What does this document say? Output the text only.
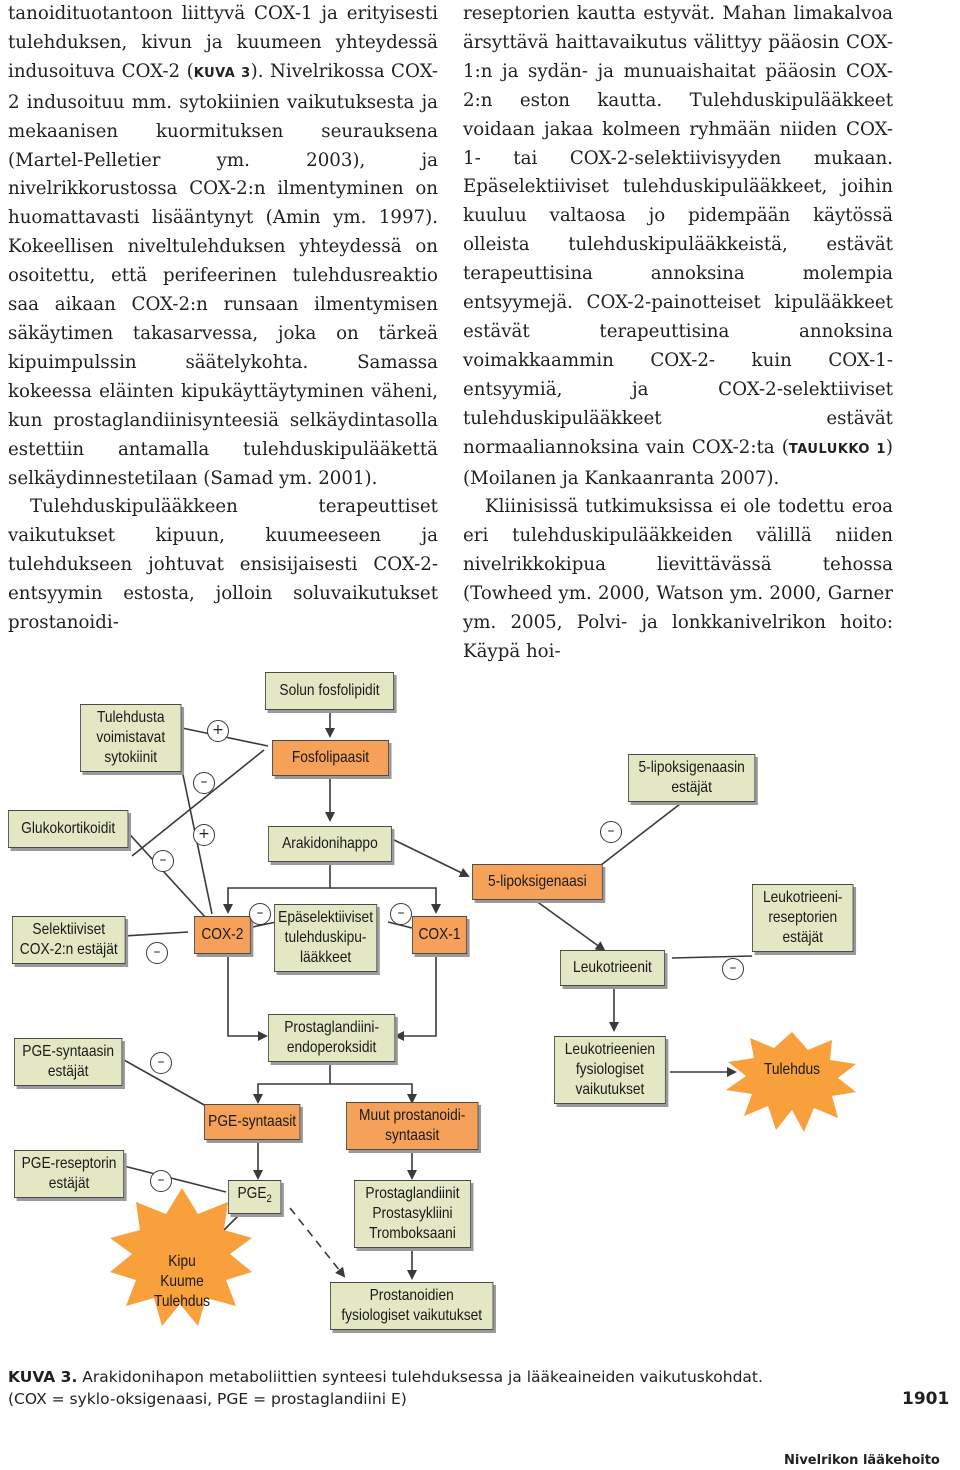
tanoidituotantoon liittyvä COX-1 ja erityisesti tulehduksen, kivun ja kuumeen yhteydessä indusoituva COX-2 (KUVA 3). Nivelrikossa COX-2 indusoituu mm. sytokiinien vaikutuksesta ja mekaanisen kuormituksen seurauksena (Martel-Pelletier ym. 2003), ja nivelrikkorustossa COX-2:n ilmentyminen on huomattavasti lisääntynyt (Amin ym. 1997). Kokeellisen niveltulehduksen yhteydessä on osoitettu, että perifeerinen tulehdusreaktio saa aikaan COX-2:n runsaan ilmentymisen säkäytimen takasarvessa, joka on tärkeä kipuimpulssin säätelykohta. Samassa kokeessa eläinten kipukäyttäytyminen väheni, kun prostaglandiinisynteesiä selkäydintasolla estettiin antamalla tulehduskipulääkettä selkäydinnestetilaan (Samad ym. 2001).

Tulehduskipulääkkeen terapeuttiset vaikutukset kipuun, kuumeeseen ja tulehdukseen johtuvat ensisijaisesti COX-2-entsyymin estosta, jolloin soluvaikutukset prostanoidi-

reseptorien kautta estyvät. Mahan limakalvoa ärsyttävä haittavaikutus välittyy pääosin COX-1:n ja sydän- ja munuaishaitat pääosin COX-2:n eston kautta. Tulehduskipulääkkeet voidaan jakaa kolmeen ryhmään niiden COX-1- tai COX-2-selektiivisyyden mukaan. Epäselektiiviset tulehduskipulääkkeet, joihin kuuluu valtaosa jo pidempään käytössä olleista tulehduskipulääkkeistä, estävät terapeuttisina annoksina molempia entsyymejä. COX-2-painotteiset kipulääkkeet estävät terapeuttisina annoksina voimakkaammin COX-2- kuin COX-1-entsyymiä, ja COX-2-selektiiviset tulehduskipulääkkeet estävät normaaliannoksina vain COX-2:ta (TAULUKKO 1) (Moilanen ja Kankaanranta 2007).

Kliinisissä tutkimuksissa ei ole todettu eroa eri tulehduskipulääkkeiden välillä niiden nivelrikkokipua lievittävässä tehossa (Towheed ym. 2000, Watson ym. 2000, Garner ym. 2005, Polvi- ja lonkkanivelrikon hoito: Käypä hoi-

Solun fosfolipidit
Tulehdusta
voimistavat
sytokiinit	Fosfolipaasit
5-lipoksigenaasin
estäjät
Glukokortikoidit
Arakidonihappo
5-lipoksigenaasi
Leukotrieeni-
reseptorien
estäjät
Selektiiviset
COX-2:n estäjät
COX-2
Epäselektiiviset
tulehduskipu-
lääkkeet
COX-1
Leukotrieenit
PGE-syntaasin
estäjät
Prostaglandiini-
endoperoksidit	Leukotrieenien
fysiologiset
vaikutukset
PGE-syntaasit	Muut prostanoidi-
syntaasit
PGE-reseptorin
estäjät
$PGE_2$	Prostaglandiinit
Prostasykliini
Tromboksaani
Prostanoidien
fysiologiset vaikutukset
Tulehdus
Kipu
Kuume
Tulehdus
+
–
+
–
–
–	–
–
–
–
–
KUVA 3. Arakidonihapon metaboliittien synteesi tulehduksessa ja lääkeaineiden vaikutuskohdat.
(COX = syklo-oksigenaasi, PGE = prostaglandiini E)	1901
Nivelrikon lääkehoito
